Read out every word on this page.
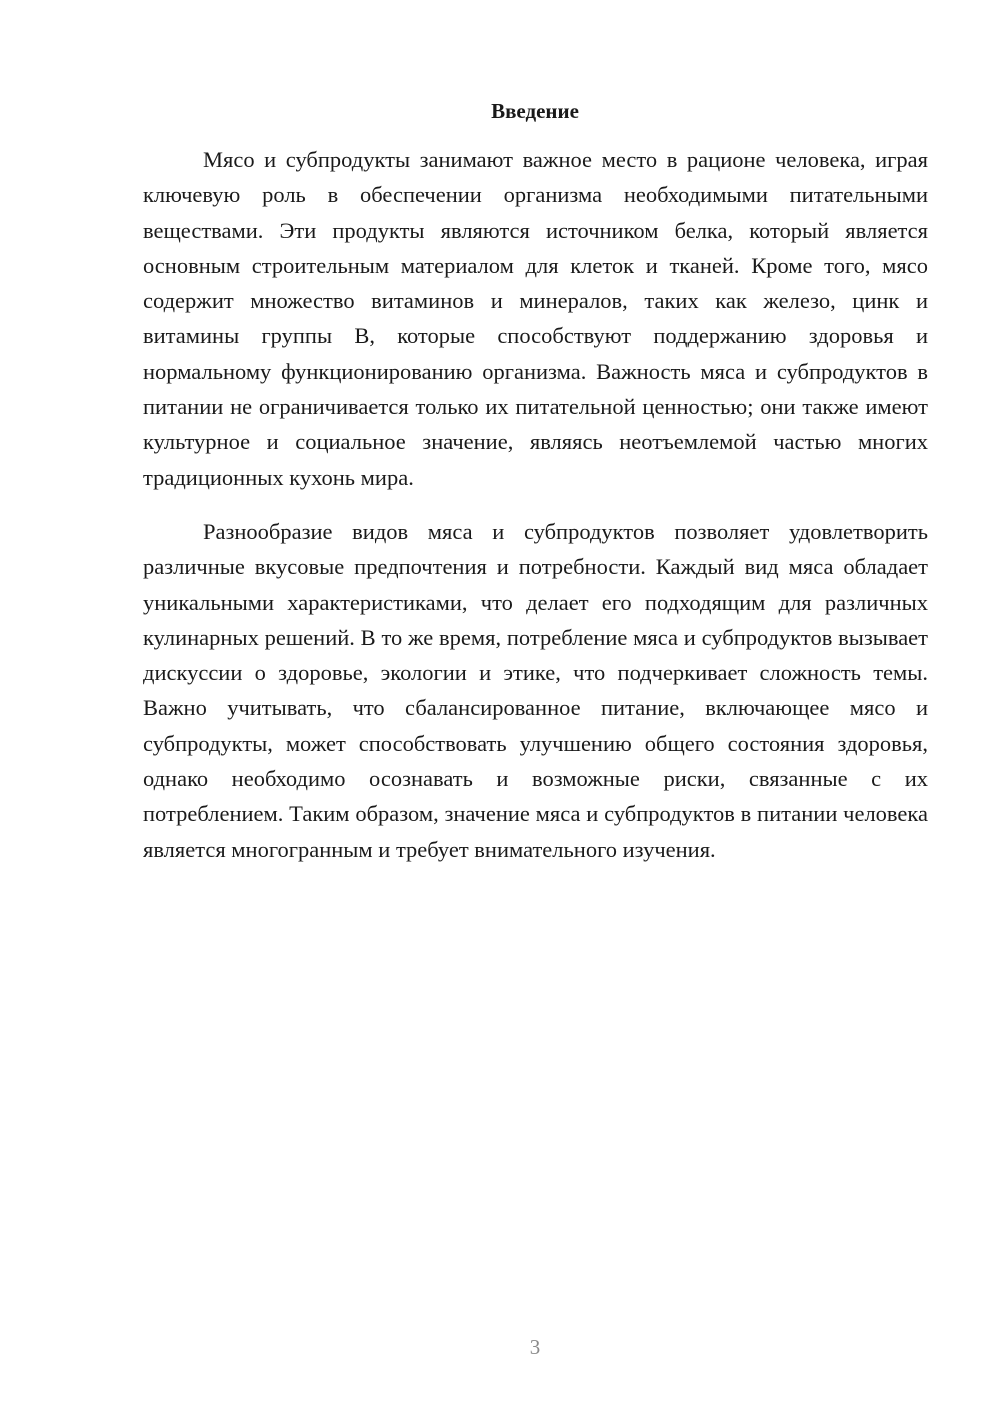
Введение

Мясо и субпродукты занимают важное место в рационе человека, играя ключевую роль в обеспечении организма необходимыми питательными веществами. Эти продукты являются источником белка, который является основным строительным материалом для клеток и тканей. Кроме того, мясо содержит множество витаминов и минералов, таких как железо, цинк и витамины группы B, которые способствуют поддержанию здоровья и нормальному функционированию организма. Важность мяса и субпродуктов в питании не ограничивается только их питательной ценностью; они также имеют культурное и социальное значение, являясь неотъемлемой частью многих традиционных кухонь мира.

Разнообразие видов мяса и субпродуктов позволяет удовлетворить различные вкусовые предпочтения и потребности. Каждый вид мяса обладает уникальными характеристиками, что делает его подходящим для различных кулинарных решений. В то же время, потребление мяса и субпродуктов вызывает дискуссии о здоровье, экологии и этике, что подчеркивает сложность темы. Важно учитывать, что сбалансированное питание, включающее мясо и субпродукты, может способствовать улучшению общего состояния здоровья, однако необходимо осознавать и возможные риски, связанные с их потреблением. Таким образом, значение мяса и субпродуктов в питании человека является многогранным и требует внимательного изучения.

3
